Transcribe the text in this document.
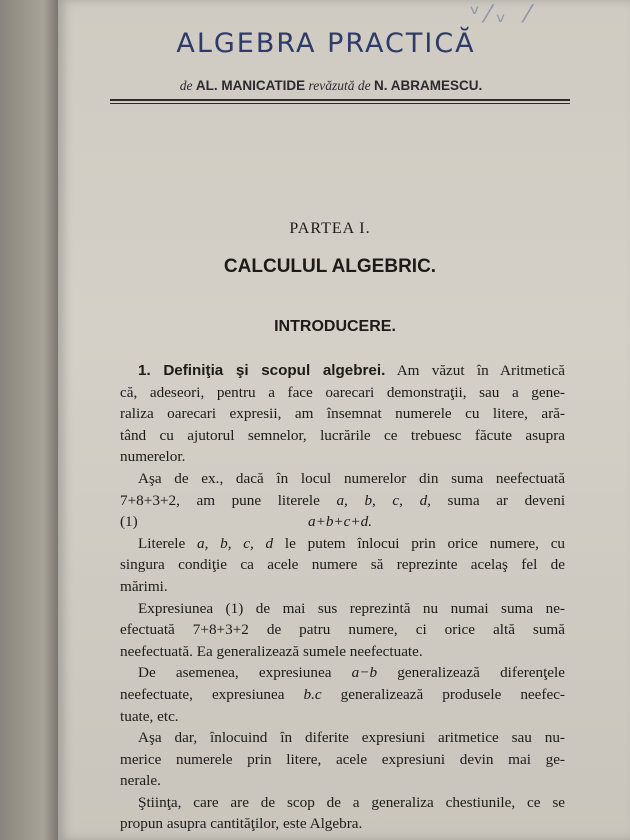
ᵛ⁄ᵥ ⁄
ALGEBRA PRACTICĂ
de AL. MANICATIDE revăzută de N. ABRAMESCU.
PARTEA I.
CALCULUL ALGEBRIC.
INTRODUCERE.
1. Definiţia şi scopul algebrei. Am văzut în Aritmetică
că, adeseori, pentru a face oarecari demonstraţii, sau a gene-
raliza oarecari expresii, am însemnat numerele cu litere, ară-
tând cu ajutorul semnelor, lucrările ce trebuesc făcute asupra
numerelor.
Aşa de ex., dacă în locul numerelor din suma neefectuată
7+8+3+2, am pune literele a, b, c, d, suma ar deveni
(1)	a+b+c+d.
Literele a, b, c, d le putem înlocui prin orice numere, cu
singura condiţie ca acele numere să reprezinte acelaş fel de
mărimi.
Expresiunea (1) de mai sus reprezintă nu numai suma ne-
efectuată 7+8+3+2 de patru numere, ci orice altă sumă
neefectuată. Ea generalizează sumele neefectuate.
De asemenea, expresiunea a−b generalizează diferenţele
neefectuate, expresiunea b.c generalizează produsele neefec-
tuate, etc.
Aşa dar, înlocuind în diferite expresiuni aritmetice sau nu-
merice numerele prin litere, acele expresiuni devin mai ge-
nerale.
Ştiinţa, care are de scop de a generaliza chestiunile, ce se
propun asupra cantităţilor, este Algebra.
